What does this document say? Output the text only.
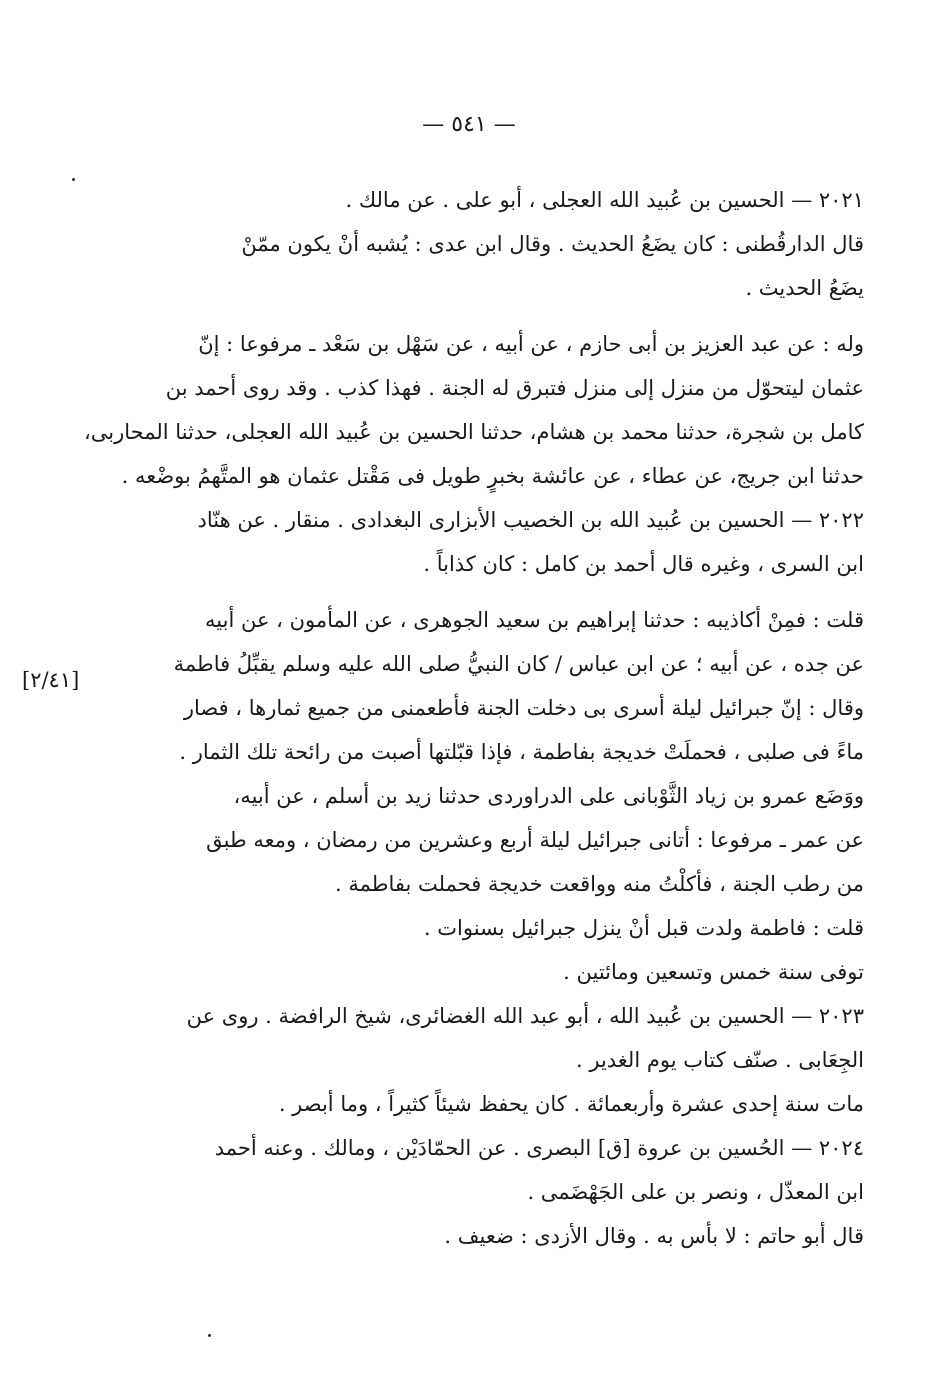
— ٥٤١ —
٢٠٢١ — الحسين بن عُبيد الله العجلى ، أبو على . عن مالك .
قال الدارقُطنى : كان يضَعُ الحديث . وقال ابن عدى : يُشبه أنْ يكون ممّنْ
يضَعُ الحديث .
وله : عن عبد العزيز بن أبى حازم ، عن أبيه ، عن سَهْل بن سَعْد ـ مرفوعا : إنّ
عثمان ليتحوّل من منزل إلى منزل فتبرق له الجنة . فهذا كذب . وقد روى أحمد بن
كامل بن شجرة، حدثنا محمد بن هشام، حدثنا الحسين بن عُبيد الله العجلى، حدثنا المحاربى،
حدثنا ابن جريج، عن عطاء ، عن عائشة بخبرٍ طويل فى مَقْتل عثمان هو المتَّهمُ بوضْعه .
٢٠٢٢ — الحسين بن عُبيد الله بن الخصيب الأبزارى البغدادى . منقار . عن هنّاد
ابن السرى ، وغيره قال أحمد بن كامل : كان كذاباً .
قلت : فمِنْ أكاذيبه : حدثنا إبراهيم بن سعيد الجوهرى ، عن المأمون ، عن أبيه
عن جده ، عن أبيه ؛ عن ابن عباس / كان النبيُّ صلى الله عليه وسلم يقبِّلُ فاطمة
وقال : إنّ جبرائيل ليلة أسرى بى دخلت الجنة فأطعمنى من جميع ثمارها ، فصار
ماءً فى صلبى ، فحملَتْ خديجة بفاطمة ، فإذا قبّلتها أصبت من رائحة تلك الثمار .
ووَضَع عمرو بن زياد الثَّوْبانى على الدراوردى حدثنا زيد بن أسلم ، عن أبيه،
عن عمر ـ مرفوعا : أتانى جبرائيل ليلة أربع وعشرين من رمضان ، ومعه طبق
من رطب الجنة ، فأكلْتُ منه وواقعت خديجة فحملت بفاطمة .
قلت : فاطمة ولدت قبل أنْ ينزل جبرائيل بسنوات .
توفى سنة خمس وتسعين ومائتين .
٢٠٢٣ — الحسين بن عُبيد الله ، أبو عبد الله الغضائرى، شيخ الرافضة . روى عن
الجِعَابى . صنّف كتاب يوم الغدير .
مات سنة إحدى عشرة وأربعمائة . كان يحفظ شيئاً كثيراً ، وما أبصر .
٢٠٢٤ — الحُسين بن عروة [ق] البصرى . عن الحمّادَيْن ، ومالك . وعنه أحمد
ابن المعذّل ، ونصر بن على الجَهْضَمى .
قال أبو حاتم : لا بأس به . وقال الأزدى : ضعيف .
[٢/٤١]
